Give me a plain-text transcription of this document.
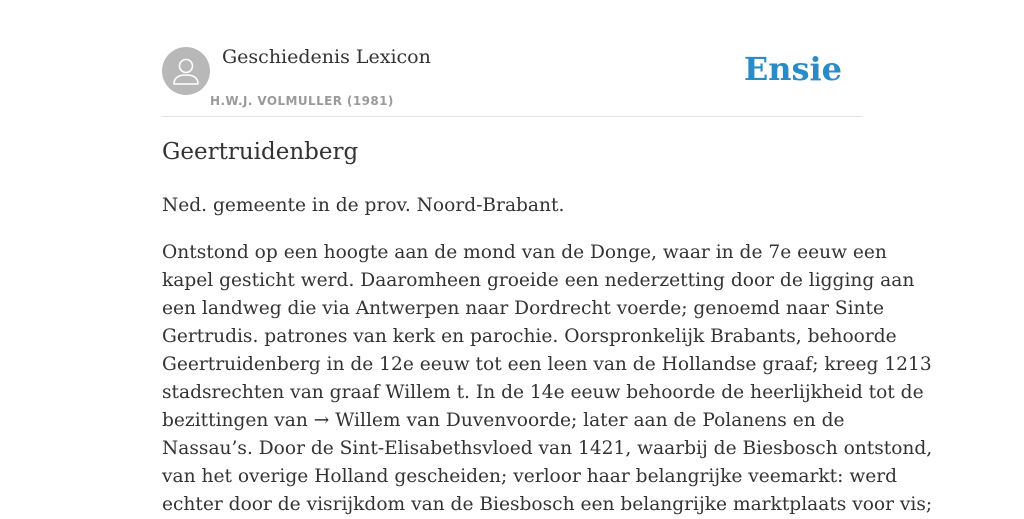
Geschiedenis Lexicon
H.W.J. VOLMULLER (1981)
Ensie
Geertruidenberg

Ned. gemeente in de prov. Noord-Brabant.

Ontstond op een hoogte aan de mond van de Donge, waar in de 7e eeuw een
kapel gesticht werd. Daaromheen groeide een nederzetting door de ligging aan
een landweg die via Antwerpen naar Dordrecht voerde; genoemd naar Sinte
Gertrudis. patrones van kerk en parochie. Oorspronkelijk Brabants, behoorde
Geertruidenberg in de 12e eeuw tot een leen van de Hollandse graaf; kreeg 1213
stadsrechten van graaf Willem t. In de 14e eeuw behoorde de heerlijkheid tot de
bezittingen van → Willem van Duvenvoorde; later aan de Polanens en de
Nassau’s. Door de Sint-Elisabethsvloed van 1421, waarbij de Biesbosch ontstond,
van het overige Holland gescheiden; verloor haar belangrijke veemarkt: werd
echter door de visrijkdom van de Biesbosch een belangrijke marktplaats voor vis;
